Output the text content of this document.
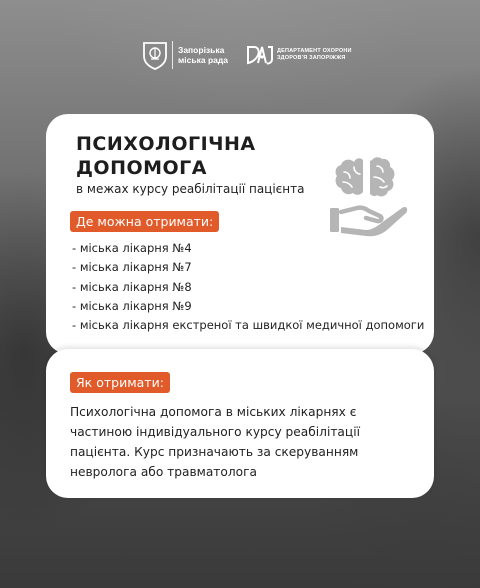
Запорізька
міська рада
ДЕПАРТАМЕНТ ОХОРОНИ
ЗДОРОВ'Я ЗАПОРІЖЖЯ
ПСИХОЛОГІЧНА
ДОПОМОГА
в межах курсу реабілітації пацієнта
Де можна отримати:
- міська лікарня №4
- міська лікарня №7
- міська лікарня №8
- міська лікарня №9
- міська лікарня екстреної та швидкої медичної допомоги
Як отримати:
Психологічна допомога в міських лікарнях є частиною індивідуального курсу реабілітації пацієнта. Курс призначають за скеруванням невролога або травматолога
